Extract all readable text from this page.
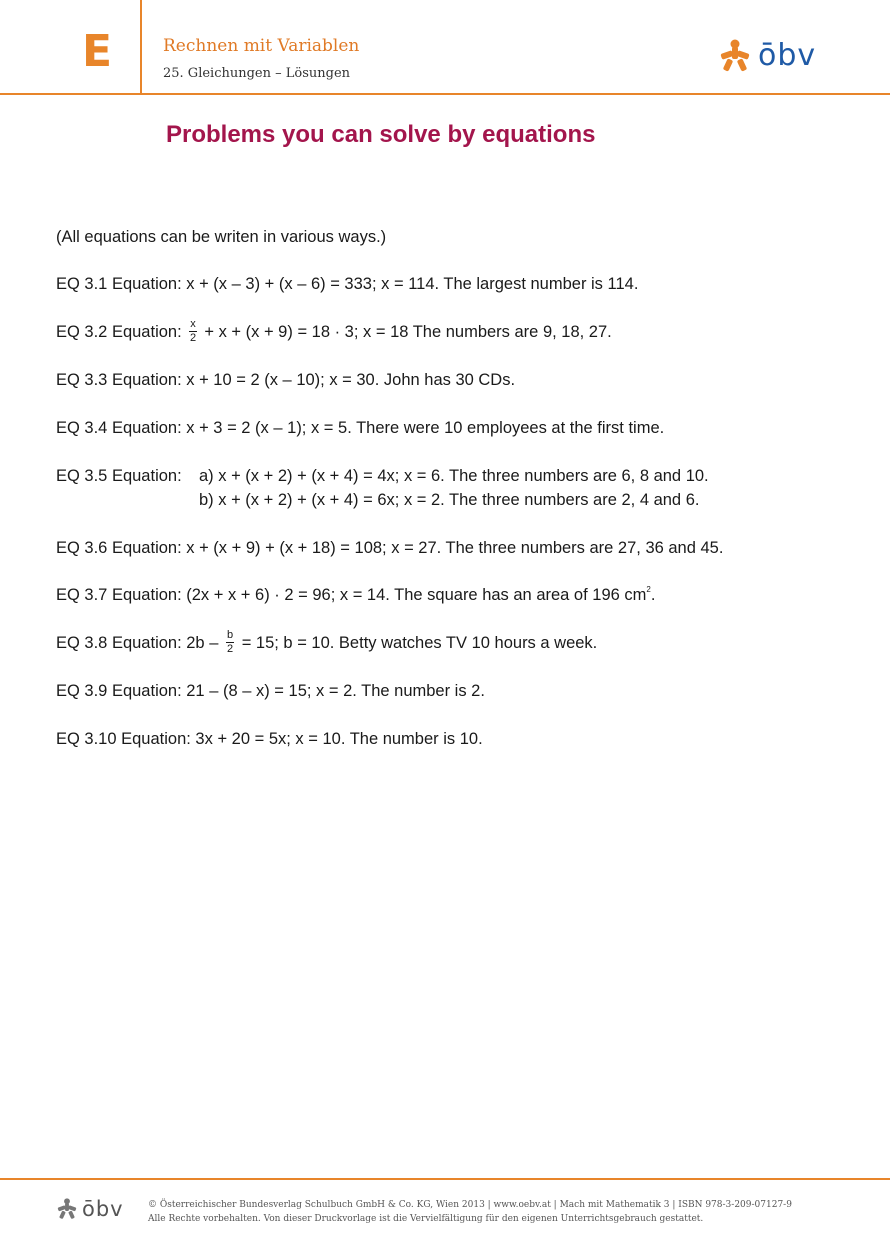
E	Rechnen mit Variablen
25. Gleichungen – Lösungen
ōbv
Problems you can solve by equations
(All equations can be writen in various ways.)
EQ 3.1 Equation: x + (x – 3) + (x – 6) = 333; x = 114. The largest number is 114.
EQ 3.2 Equation: $\frac{x}{2} + x + (x + 9) = 18 \cdot 3$; x = 18 The numbers are 9, 18, 27.
EQ 3.3 Equation: x + 10 = 2 (x – 10); x = 30. John has 30 CDs.
EQ 3.4 Equation: x + 3 = 2 (x – 1); x = 5. There were 10 employees at the first time.
EQ 3.5 Equation: a) x + (x + 2) + (x + 4) = 4x; x = 6. The three numbers are 6, 8 and 10.
b) x + (x + 2) + (x + 4) = 6x; x = 2. The three numbers are 2, 4 and 6.
EQ 3.6 Equation: x + (x + 9) + (x + 18) = 108; x = 27. The three numbers are 27, 36 and 45.
EQ 3.7 Equation: (2x + x + 6) · 2 = 96; x = 14. The square has an area of 196 $cm^2$.
EQ 3.8 Equation: $2b - \frac{b}{2} = 15$; b = 10. Betty watches TV 10 hours a week.
EQ 3.9 Equation: 21 – (8 – x) = 15; x = 2. The number is 2.
EQ 3.10 Equation: 3x + 20 = 5x; x = 10. The number is 10.
ōbv	© Österreichischer Bundesverlag Schulbuch GmbH & Co. KG, Wien 2013 | www.oebv.at | Mach mit Mathematik 3 | ISBN 978-3-209-07127-9
Alle Rechte vorbehalten. Von dieser Druckvorlage ist die Vervielfältigung für den eigenen Unterrichtsgebrauch gestattet.
